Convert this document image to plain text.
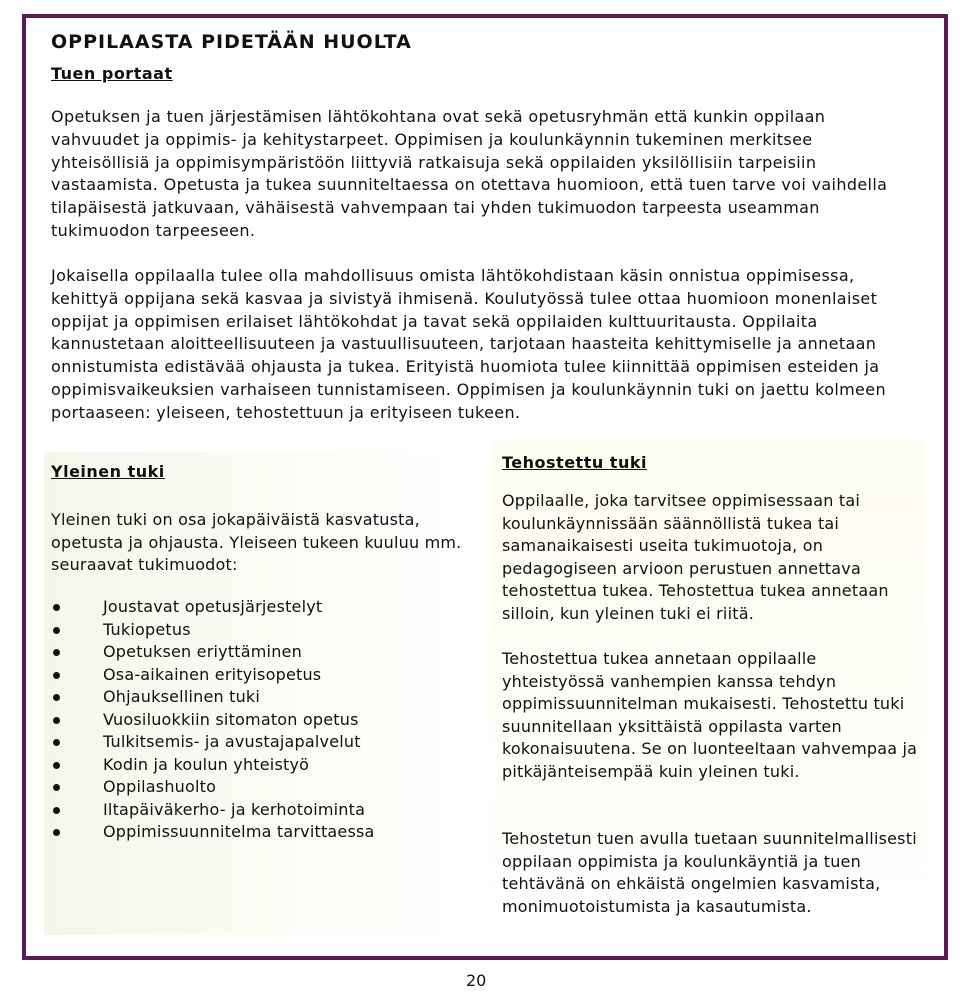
OPPILAASTA PIDETÄÄN HUOLTA
Tuen portaat

Opetuksen ja tuen järjestämisen lähtökohtana ovat sekä opetusryhmän että kunkin oppilaan vahvuudet ja oppimis- ja kehitystarpeet. Oppimisen ja koulunkäynnin tukeminen merkitsee yhteisöllisiä ja oppimisympäristöön liittyviä ratkaisuja sekä oppilaiden yksilöllisiin tarpeisiin vastaamista. Opetusta ja tukea suunniteltaessa on otettava huomioon, että tuen tarve voi vaihdella tilapäisestä jatkuvaan, vähäisestä vahvempaan tai yhden tukimuodon tarpeesta useamman tukimuodon tarpeeseen.

Jokaisella oppilaalla tulee olla mahdollisuus omista lähtökohdistaan käsin onnistua oppimisessa, kehittyä oppijana sekä kasvaa ja sivistyä ihmisenä. Koulutyössä tulee ottaa huomioon monenlaiset oppijat ja oppimisen erilaiset lähtökohdat ja tavat sekä oppilaiden kulttuuritausta. Oppilaita kannustetaan aloitteellisuuteen ja vastuullisuuteen, tarjotaan haasteita kehittymiselle ja annetaan onnistumista edistävää ohjausta ja tukea. Erityistä huomiota tulee kiinnittää oppimisen esteiden ja oppimisvaikeuksien varhaiseen tunnistamiseen. Oppimisen ja koulunkäynnin tuki on jaettu kolmeen portaaseen: yleiseen, tehostettuun ja erityiseen tukeen.

Yleinen tuki

Yleinen tuki on osa jokapäiväistä kasvatusta, opetusta ja ohjausta. Yleiseen tukeen kuuluu mm. seuraavat tukimuodot:

Joustavat opetusjärjestelyt
Tukiopetus
Opetuksen eriyttäminen
Osa-aikainen erityisopetus
Ohjauksellinen tuki
Vuosiluokkiin sitomaton opetus
Tulkitsemis- ja avustajapalvelut
Kodin ja koulun yhteistyö
Oppilashuolto
Iltapäiväkerho- ja kerhotoiminta
Oppimissuunnitelma tarvittaessa
Tehostettu tuki

Oppilaalle, joka tarvitsee oppimisessaan tai koulunkäynnissään säännöllistä tukea tai samanaikaisesti useita tukimuotoja, on pedagogiseen arvioon perustuen annettava tehostettua tukea. Tehostettua tukea annetaan silloin, kun yleinen tuki ei riitä.

Tehostettua tukea annetaan oppilaalle yhteistyössä vanhempien kanssa tehdyn oppimissuunnitelman mukaisesti. Tehostettu tuki suunnitellaan yksittäistä oppilasta varten kokonaisuutena. Se on luonteeltaan vahvempaa ja pitkäjänteisempää kuin yleinen tuki.

Tehostetun tuen avulla tuetaan suunnitelmallisesti oppilaan oppimista ja koulunkäyntiä ja tuen tehtävänä on ehkäistä ongelmien kasvamista, monimuotoistumista ja kasautumista.

20
